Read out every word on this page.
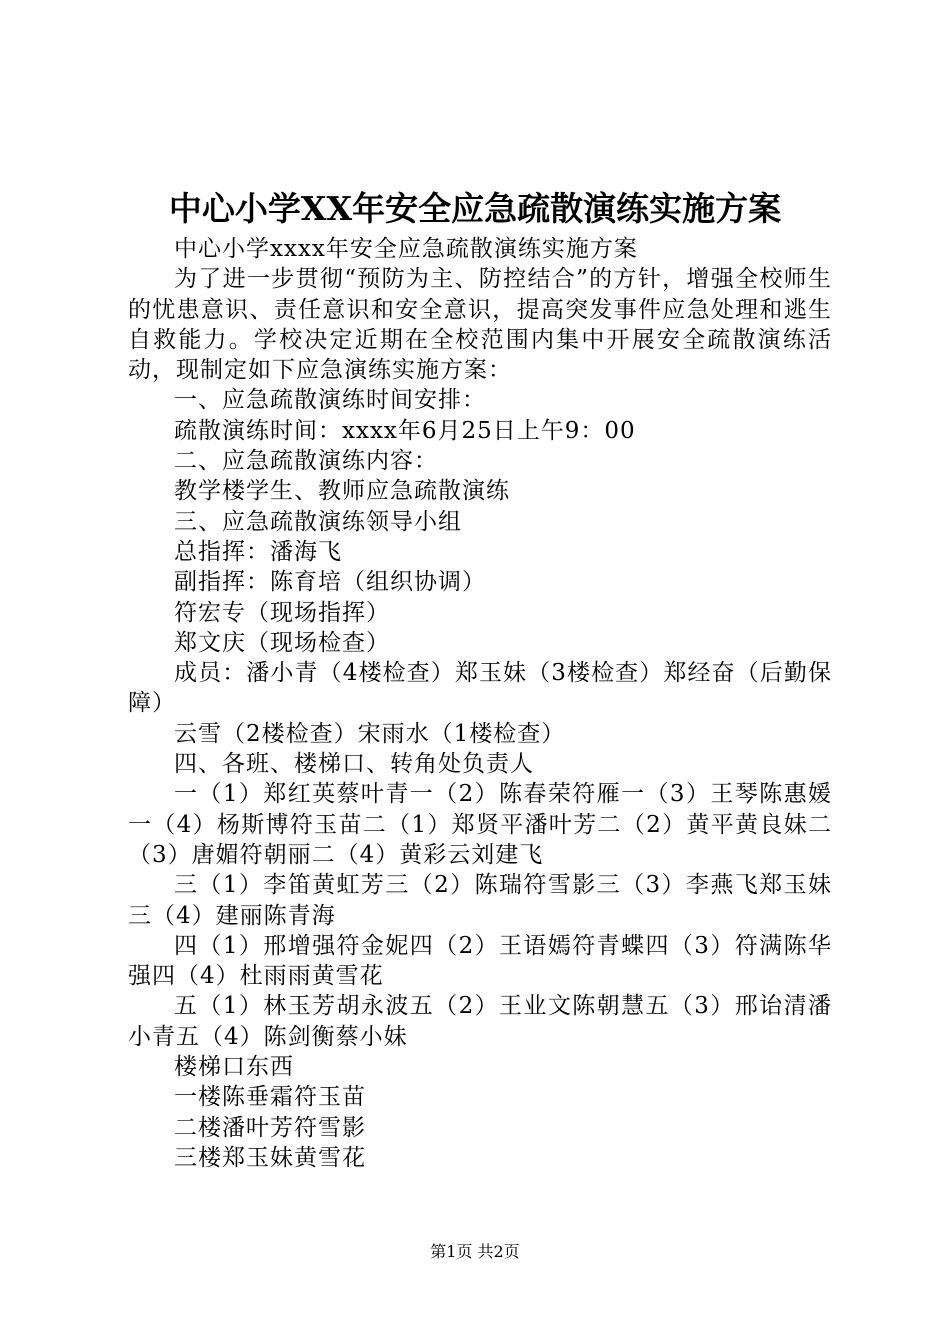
中心小学XX年安全应急疏散演练实施方案

中心小学xxxx年安全应急疏散演练实施方案

为了进一步贯彻“预防为主、防控结合”的方针，增强全校师生的忧患意识、责任意识和安全意识，提高突发事件应急处理和逃生自救能力。学校决定近期在全校范围内集中开展安全疏散演练活动，现制定如下应急演练实施方案：

一、应急疏散演练时间安排：

疏散演练时间：xxxx年6月25日上午9：00

二、应急疏散演练内容：

教学楼学生、教师应急疏散演练

三、应急疏散演练领导小组

总指挥：潘海飞

副指挥：陈育培（组织协调）

符宏专（现场指挥）

郑文庆（现场检查）

成员：潘小青（4楼检查）郑玉妹（3楼检查）郑经奋（后勤保障）

云雪（2楼检查）宋雨水（1楼检查）

四、各班、楼梯口、转角处负责人

一（1）郑红英蔡叶青一（2）陈春荣符雁一（3）王琴陈惠媛一（4）杨斯博符玉苗二（1）郑贤平潘叶芳二（2）黄平黄良妹二（3）唐媚符朝丽二（4）黄彩云刘建飞

三（1）李笛黄虹芳三（2）陈瑞符雪影三（3）李燕飞郑玉妹三（4）建丽陈青海

四（1）邢增强符金妮四（2）王语嫣符青蝶四（3）符满陈华强四（4）杜雨雨黄雪花

五（1）林玉芳胡永波五（2）王业文陈朝慧五（3）邢诒清潘小青五（4）陈剑衡蔡小妹

楼梯口东西

一楼陈垂霜符玉苗

二楼潘叶芳符雪影

三楼郑玉妹黄雪花

第1页 共2页
